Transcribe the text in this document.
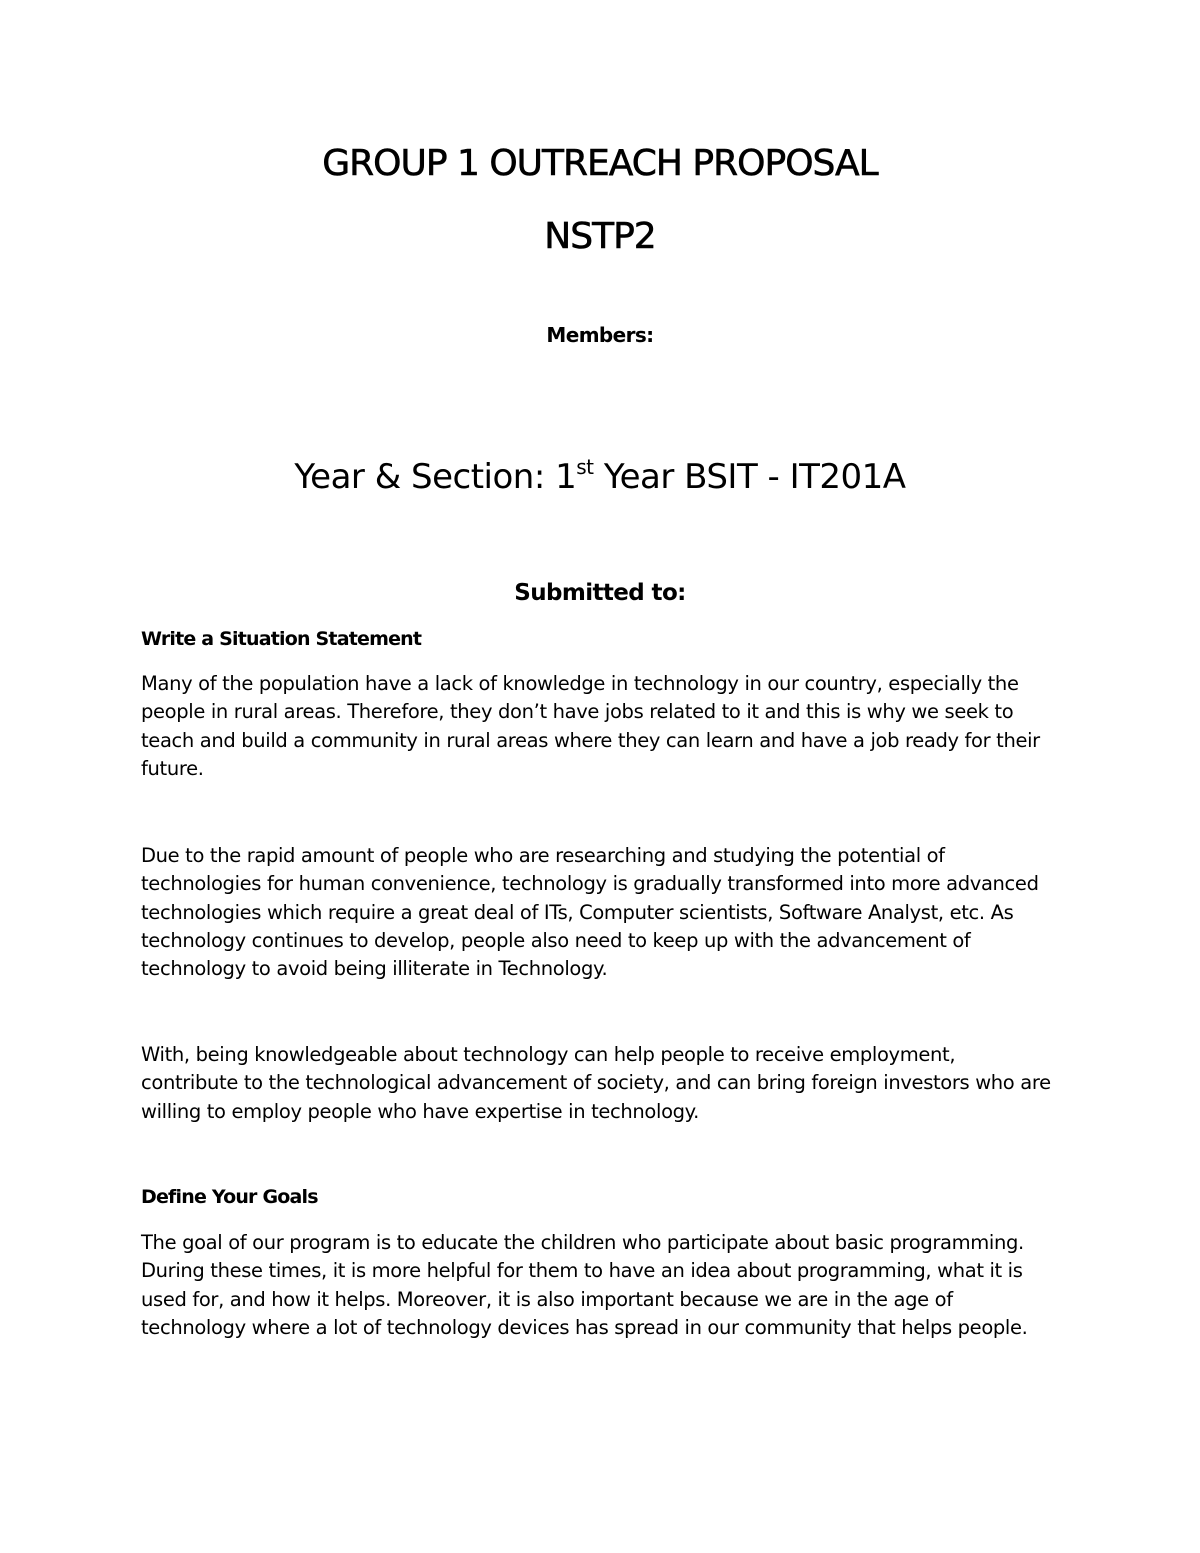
GROUP 1 OUTREACH PROPOSAL
NSTP2
Members:
Year & Section: 1st Year BSIT - IT201A
Submitted to:
Write a Situation Statement

Many of the population have a lack of knowledge in technology in our country, especially the
people in rural areas. Therefore, they don’t have jobs related to it and this is why we seek to
teach and build a community in rural areas where they can learn and have a job ready for their
future.

Due to the rapid amount of people who are researching and studying the potential of
technologies for human convenience, technology is gradually transformed into more advanced
technologies which require a great deal of ITs, Computer scientists, Software Analyst, etc. As
technology continues to develop, people also need to keep up with the advancement of
technology to avoid being illiterate in Technology.

With, being knowledgeable about technology can help people to receive employment,
contribute to the technological advancement of society, and can bring foreign investors who are
willing to employ people who have expertise in technology.

Define Your Goals

The goal of our program is to educate the children who participate about basic programming.
During these times, it is more helpful for them to have an idea about programming, what it is
used for, and how it helps. Moreover, it is also important because we are in the age of
technology where a lot of technology devices has spread in our community that helps people.
